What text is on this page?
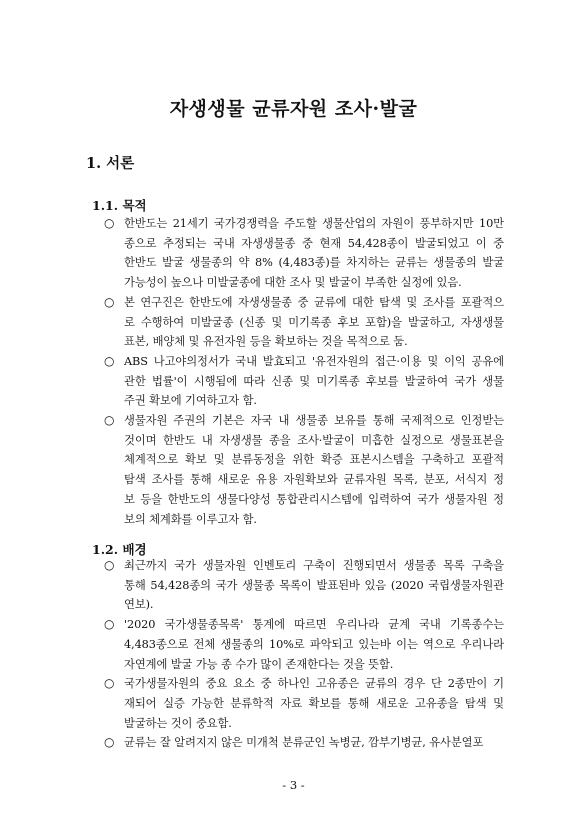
자생생물 균류자원 조사·발굴
1. 서론
1.1. 목적
○ 한반도는 21세기 국가경쟁력을 주도할 생물산업의 자원이 풍부하지만 10만
종으로 추정되는 국내 자생생물종 중 현재 54,428종이 발굴되었고 이 중
한반도 발굴 생물종의 약 8% (4,483종)를 차지하는 균류는 생물종의 발굴
가능성이 높으나 미발굴종에 대한 조사 및 발굴이 부족한 실정에 있음.
○ 본 연구진은 한반도에 자생생물종 중 균류에 대한 탐색 및 조사를 포괄적으
로 수행하여 미발굴종 (신종 및 미기록종 후보 포함)을 발굴하고, 자생생물
표본, 배양체 및 유전자원 등을 확보하는 것을 목적으로 둠.
○ ABS 나고야의정서가 국내 발효되고 '유전자원의 접근·이용 및 이익 공유에
관한 법률'이 시행됨에 따라 신종 및 미기록종 후보를 발굴하여 국가 생물
주권 확보에 기여하고자 함.
○ 생물자원 주권의 기본은 자국 내 생물종 보유를 통해 국제적으로 인정받는
것이며 한반도 내 자생생물 종을 조사·발굴이 미흡한 실정으로 생물표본을
체계적으로 확보 및 분류동정을 위한 확증 표본시스템을 구축하고 포괄적
탐색 조사를 통해 새로운 유용 자원확보와 균류자원 목록, 분포, 서식지 정
보 등을 한반도의 생물다양성 통합관리시스템에 입력하여 국가 생물자원 정
보의 체계화를 이루고자 함.
1.2. 배경
○ 최근까지 국가 생물자원 인벤토리 구축이 진행되면서 생물종 목록 구축을
통해 54,428종의 국가 생물종 목록이 발표된바 있음 (2020 국립생물자원관
연보).
○ '2020 국가생물종목록' 통계에 따르면 우리나라 균계 국내 기록종수는
4,483종으로 전체 생물종의 10%로 파악되고 있는바 이는 역으로 우리나라
자연계에 발굴 가능 종 수가 많이 존재한다는 것을 뜻함.
○ 국가생물자원의 중요 요소 중 하나인 고유종은 균류의 경우 단 2종만이 기
재되어 실증 가능한 분류학적 자료 확보를 통해 새로운 고유종을 탐색 및
발굴하는 것이 중요함.
○ 균류는 잘 알려지지 않은 미개척 분류군인 녹병균, 깜부기병균, 유사분열포
- 3 -
